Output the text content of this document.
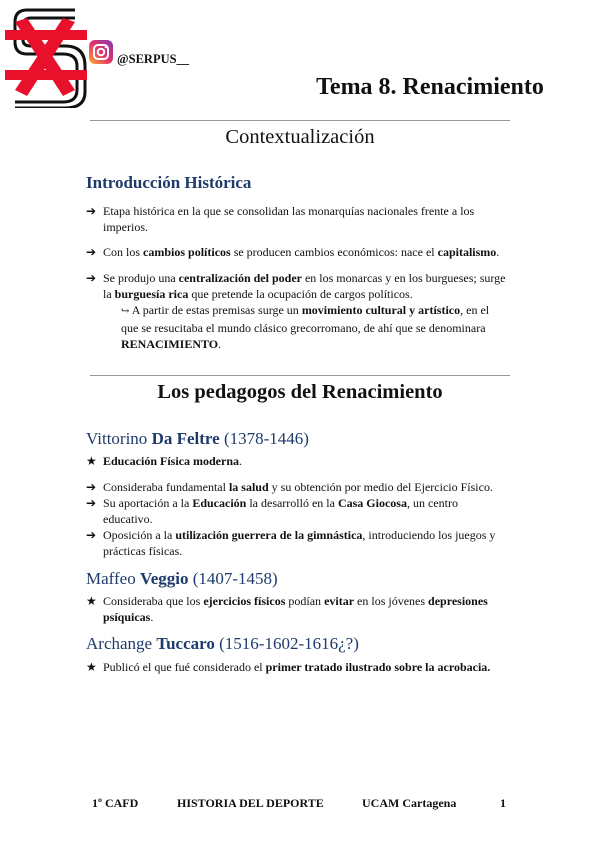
@SERPUS__
Tema 8. Renacimiento
Contextualización
Introducción Histórica
➔ Etapa histórica en la que se consolidan las monarquías nacionales frente a los imperios.
➔ Con los cambios políticos se producen cambios económicos: nace el capitalismo.
➔ Se produjo una centralización del poder en los monarcas y en los burgueses; surge la burguesía rica que pretende la ocupación de cargos políticos.
↪ A partir de estas premisas surge un movimiento cultural y artístico, en el que se resucitaba el mundo clásico grecorromano, de ahí que se denominara RENACIMIENTO.
Los pedagogos del Renacimiento
Vittorino Da Feltre (1378-1446)
★ Educación Física moderna.
➔ Consideraba fundamental la salud y su obtención por medio del Ejercicio Físico.
➔ Su aportación a la Educación la desarrolló en la Casa Giocosa, un centro educativo.
➔ Oposición a la utilización guerrera de la gimnástica, introduciendo los juegos y prácticas físicas.
Maffeo Veggio (1407-1458)
★ Consideraba que los ejercicios físicos podían evitar en los jóvenes depresiones psíquicas.
Archange Tuccaro (1516-1602-1616¿?)
★ Publicó el que fué considerado el primer tratado ilustrado sobre la acrobacia.
1º CAFD	HISTORIA DEL DEPORTE	UCAM Cartagena	1
